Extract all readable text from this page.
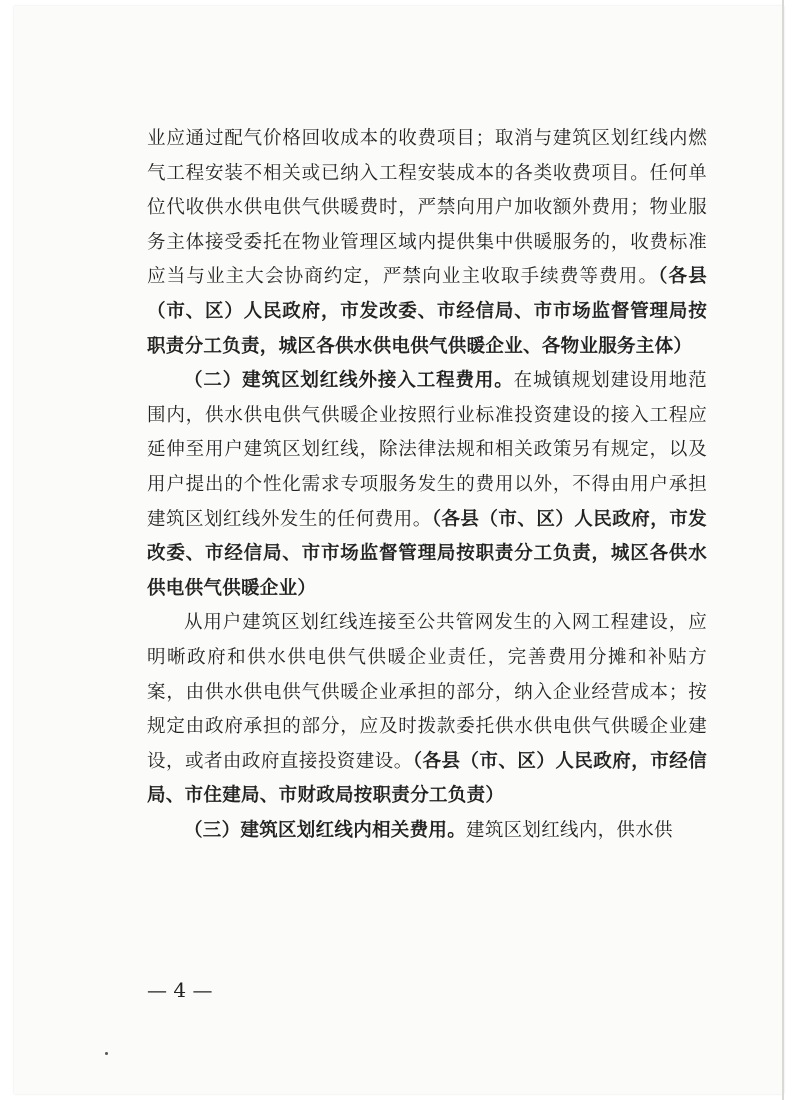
业应通过配气价格回收成本的收费项目；取消与建筑区划红线内燃气工程安装不相关或已纳入工程安装成本的各类收费项目。任何单位代收供水供电供气供暖费时，严禁向用户加收额外费用；物业服务主体接受委托在物业管理区域内提供集中供暖服务的，收费标准应当与业主大会协商约定，严禁向业主收取手续费等费用。（各县（市、区）人民政府，市发改委、市经信局、市市场监督管理局按职责分工负责，城区各供水供电供气供暖企业、各物业服务主体）

（二）建筑区划红线外接入工程费用。在城镇规划建设用地范围内，供水供电供气供暖企业按照行业标准投资建设的接入工程应延伸至用户建筑区划红线，除法律法规和相关政策另有规定，以及用户提出的个性化需求专项服务发生的费用以外，不得由用户承担建筑区划红线外发生的任何费用。（各县（市、区）人民政府，市发改委、市经信局、市市场监督管理局按职责分工负责，城区各供水供电供气供暖企业）

从用户建筑区划红线连接至公共管网发生的入网工程建设，应明晰政府和供水供电供气供暖企业责任，完善费用分摊和补贴方案，由供水供电供气供暖企业承担的部分，纳入企业经营成本；按规定由政府承担的部分，应及时拨款委托供水供电供气供暖企业建设，或者由政府直接投资建设。（各县（市、区）人民政府，市经信局、市住建局、市财政局按职责分工负责）

（三）建筑区划红线内相关费用。建筑区划红线内，供水供

— 4 —
